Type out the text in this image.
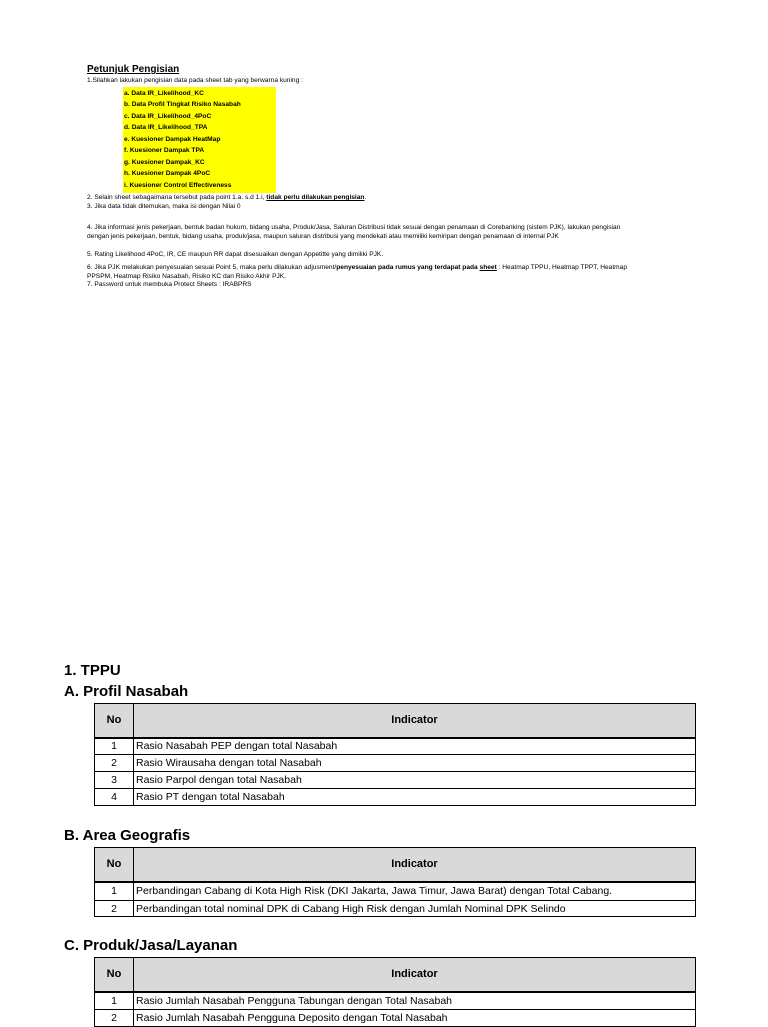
Petunjuk Pengisian
1.Silahkan lakukan pengisian data pada sheet tab yang berwarna kuning :
a. Data IR_Likelihood_KC
b. Data Profil Tingkat Risiko Nasabah
c. Data IR_Likelihood_4PoC
d. Data IR_Likelihood_TPA
e. Kuesioner Dampak HeatMap
f. Kuesioner Dampak TPA
g. Kuesioner Dampak_KC
h. Kuesioner Dampak 4PoC
i. Kuesioner Control Effectiveness
2. Selain sheet sebagaimana tersebut pada point 1.a. s.d 1.i, tidak perlu dilakukan pengisian.
3. Jika data tidak ditemukan, maka isi dengan Nilai 0
4. Jika informasi jenis pekerjaan, bentuk badan hukum, bidang usaha, Produk/Jasa, Saluran Distribusi tidak sesuai dengan penamaan di Corebanking (sistem PJK), lakukan pengisian dengan jenis pekerjaan, bentuk, bidang usaha, produk/jasa, maupun saluran distribusi yang mendekati atau memiliki kemiripan dengan penamaan di internal PJK
5. Rating Likelihood 4PoC, IR, CE maupun RR dapat disesuaikan dengan Appetitte yang dimiliki PJK.
6. Jika PJK melakukan penyesuaian sesuai Point 5, maka perlu dilakukan adjusment/penyesuaian pada rumus yang terdapat pada sheet : Heatmap TPPU, Heatmap TPPT, Heatmap PPSPM, Heatmap Risiko Nasabah, Risiko KC dan Risiko Akhir PJK.
7. Password untuk membuka Protect Sheets : IRABPRS
1. TPPU
A. Profil Nasabah
No	Indicator
1	Rasio Nasabah PEP dengan total Nasabah
2	Rasio Wirausaha dengan total Nasabah
3	Rasio Parpol dengan total Nasabah
4	Rasio PT dengan total Nasabah
B. Area Geografis
No	Indicator
1	Perbandingan Cabang di Kota High Risk (DKI Jakarta, Jawa Timur, Jawa Barat) dengan Total Cabang.
2	Perbandingan total nominal DPK di Cabang High Risk dengan Jumlah Nominal DPK Selindo
C. Produk/Jasa/Layanan
No	Indicator
1	Rasio Jumlah Nasabah Pengguna Tabungan dengan Total Nasabah
2	Rasio Jumlah Nasabah Pengguna Deposito dengan Total Nasabah
